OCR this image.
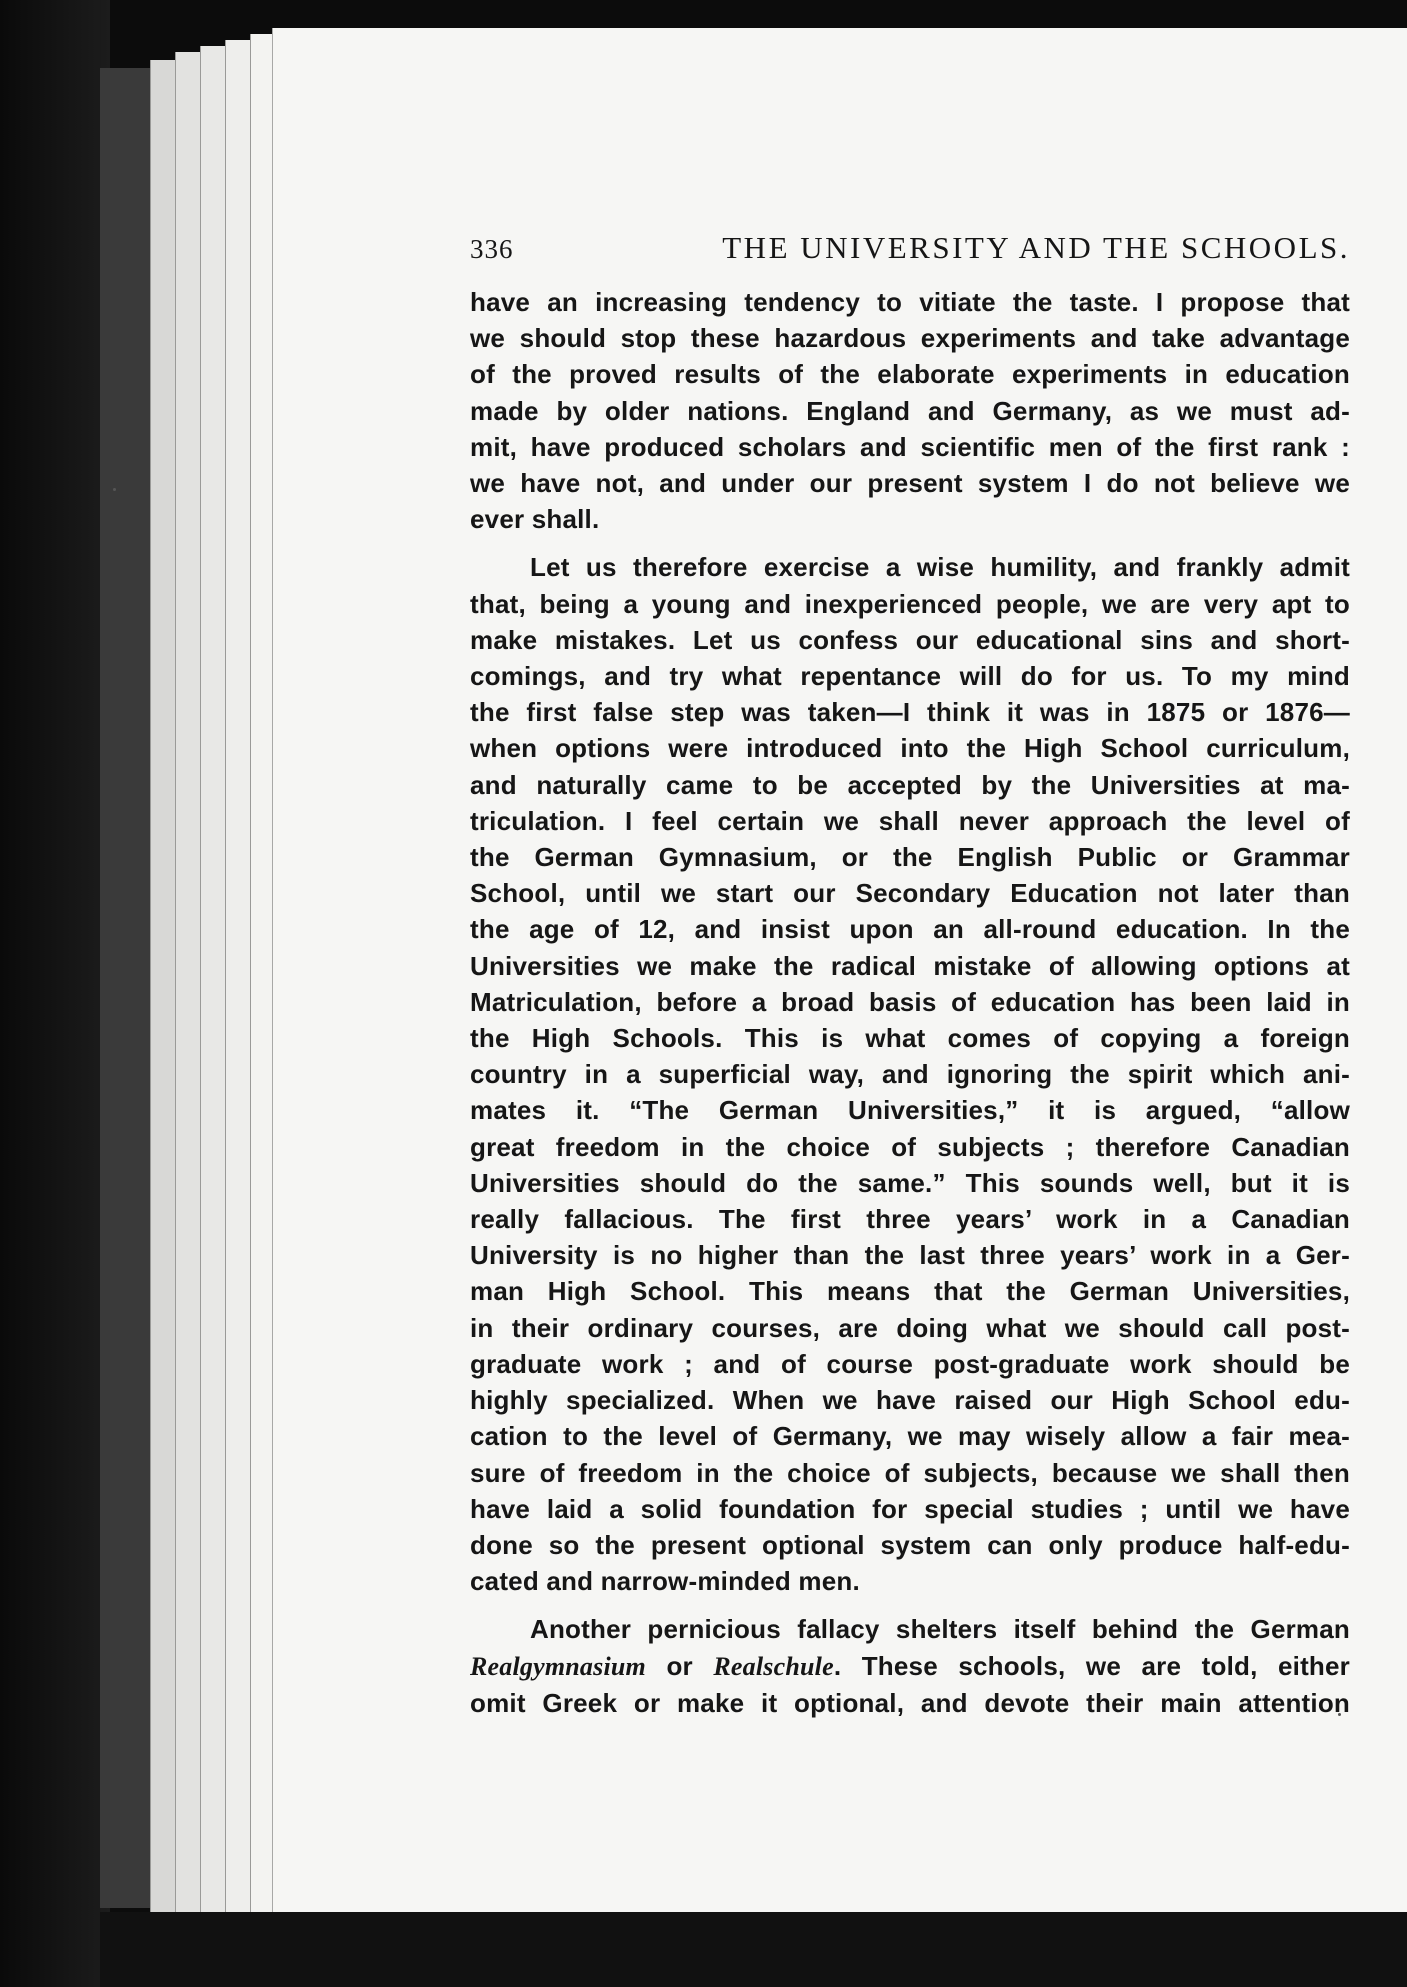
336	THE UNIVERSITY AND THE SCHOOLS.

have an increasing tendency to vitiate the taste. I propose that
we should stop these hazardous experiments and take advantage
of the proved results of the elaborate experiments in education
made by older nations. England and Germany, as we must ad-
mit, have produced scholars and scientific men of the first rank :
we have not, and under our present system I do not believe we
ever shall.

Let us therefore exercise a wise humility, and frankly admit
that, being a young and inexperienced people, we are very apt to
make mistakes. Let us confess our educational sins and short-
comings, and try what repentance will do for us. To my mind
the first false step was taken—I think it was in 1875 or 1876—
when options were introduced into the High School curriculum,
and naturally came to be accepted by the Universities at ma-
triculation. I feel certain we shall never approach the level of
the German Gymnasium, or the English Public or Grammar
School, until we start our Secondary Education not later than
the age of 12, and insist upon an all-round education. In the
Universities we make the radical mistake of allowing options at
Matriculation, before a broad basis of education has been laid in
the High Schools. This is what comes of copying a foreign
country in a superficial way, and ignoring the spirit which ani-
mates it. “The German Universities,” it is argued, “allow
great freedom in the choice of subjects ; therefore Canadian
Universities should do the same.” This sounds well, but it is
really fallacious. The first three years’ work in a Canadian
University is no higher than the last three years’ work in a Ger-
man High School. This means that the German Universities,
in their ordinary courses, are doing what we should call post-
graduate work ; and of course post-graduate work should be
highly specialized. When we have raised our High School edu-
cation to the level of Germany, we may wisely allow a fair mea-
sure of freedom in the choice of subjects, because we shall then
have laid a solid foundation for special studies ; until we have
done so the present optional system can only produce half-edu-
cated and narrow-minded men.

Another pernicious fallacy shelters itself behind the German
Realgymnasium or Realschule. These schools, we are told, either
omit Greek or make it optional, and devote their main attention
